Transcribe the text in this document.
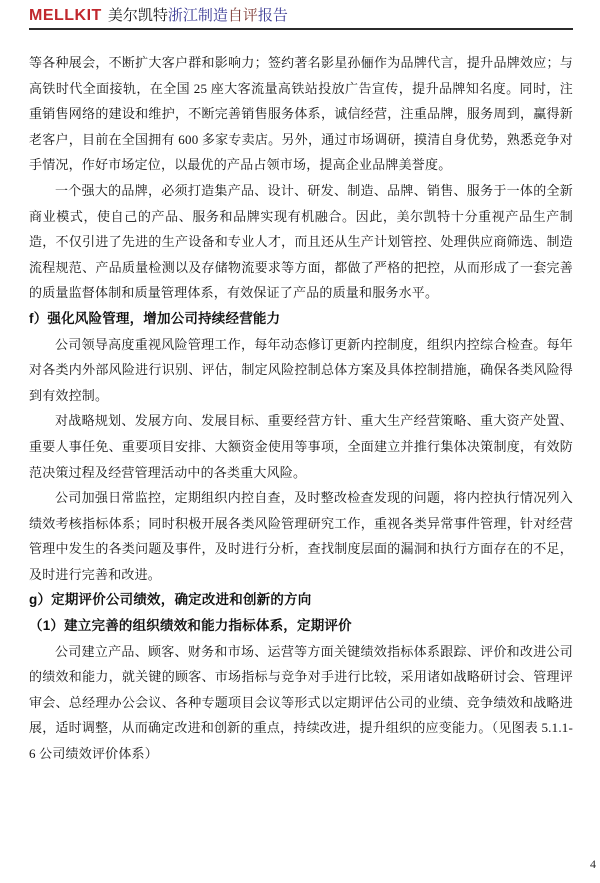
MELLKIT 美尔凯特浙江制造自评报告

等各种展会，不断扩大客户群和影响力；签约著名影星孙俪作为品牌代言，提升品牌效应；与高铁时代全面接轨，在全国 25 座大客流量高铁站投放广告宣传，提升品牌知名度。同时，注重销售网络的建设和维护，不断完善销售服务体系，诚信经营，注重品牌，服务周到，赢得新老客户，目前在全国拥有 600 多家专卖店。另外，通过市场调研，摸清自身优势，熟悉竞争对手情况，作好市场定位，以最优的产品占领市场，提高企业品牌美誉度。

一个强大的品牌，必须打造集产品、设计、研发、制造、品牌、销售、服务于一体的全新商业模式，使自己的产品、服务和品牌实现有机融合。因此，美尔凯特十分重视产品生产制造，不仅引进了先进的生产设备和专业人才，而且还从生产计划管控、处理供应商筛选、制造流程规范、产品质量检测以及存储物流要求等方面，都做了严格的把控，从而形成了一套完善的质量监督体制和质量管理体系，有效保证了产品的质量和服务水平。

f）强化风险管理，增加公司持续经营能力

公司领导高度重视风险管理工作，每年动态修订更新内控制度，组织内控综合检查。每年对各类内外部风险进行识别、评估，制定风险控制总体方案及具体控制措施，确保各类风险得到有效控制。

对战略规划、发展方向、发展目标、重要经营方针、重大生产经营策略、重大资产处置、重要人事任免、重要项目安排、大额资金使用等事项，全面建立并推行集体决策制度，有效防范决策过程及经营管理活动中的各类重大风险。

公司加强日常监控，定期组织内控自查，及时整改检查发现的问题，将内控执行情况列入绩效考核指标体系；同时积极开展各类风险管理研究工作，重视各类异常事件管理，针对经营管理中发生的各类问题及事件，及时进行分析，查找制度层面的漏洞和执行方面存在的不足，及时进行完善和改进。

g）定期评价公司绩效，确定改进和创新的方向

（1）建立完善的组织绩效和能力指标体系，定期评价

公司建立产品、顾客、财务和市场、运营等方面关键绩效指标体系跟踪、评价和改进公司的绩效和能力，就关键的顾客、市场指标与竞争对手进行比较，采用诸如战略研讨会、管理评审会、总经理办公会议、各种专题项目会议等形式以定期评估公司的业绩、竞争绩效和战略进展，适时调整，从而确定改进和创新的重点，持续改进，提升组织的应变能力。（见图表 5.1.1-6 公司绩效评价体系）

4
